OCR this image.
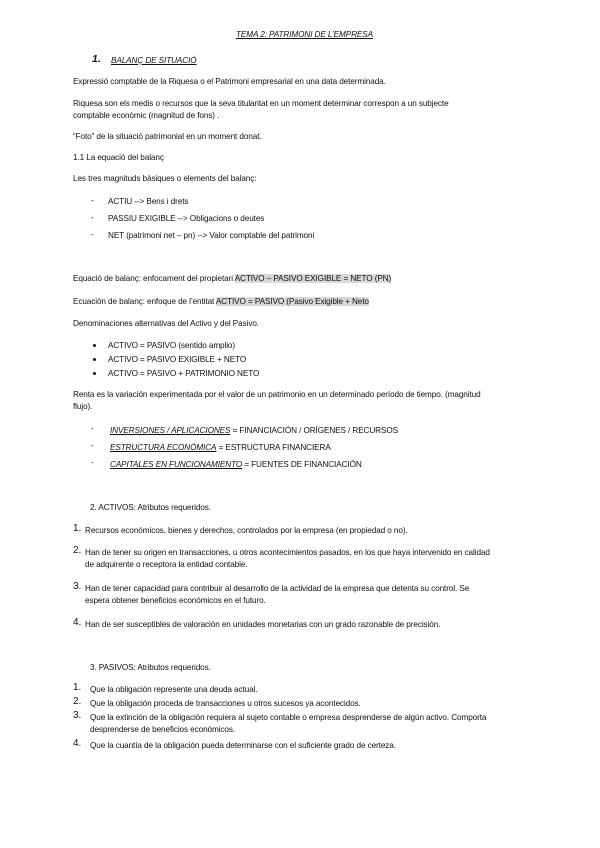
TEMA 2: PATRIMONI DE L’EMPRESA
1. BALANÇ DE SITUACIÓ
Expressió comptable de la Riquesa o el Patrimoni empresarial en una data determinada.
Riquesa son els medis o recursos que la seva titularitat en un moment determinar correspon a un subjecte
comptable econòmic (magnitud de fons) .
“Foto” de la situació patrimonial en un moment donat.
1.1 La equació del balanç
Les tres magnituds bàsiques o elements del balanç:
- ACTIU --> Bens i drets
- PASSIU EXIGIBLE --> Obligacions o deutes
- NET (patrimoni net – pn) --> Valor comptable del patrimoni
Equació de balanç: enfocament del propietari ACTIVO – PASIVO EXIGIBLE = NETO (PN)
Ecuación de balanç: enfoque de l’entitat ACTIVO = PASIVO (Pasivo Exigible + Neto
Denominaciones alternativas del Activo y del Pasivo.
ACTIVO = PASIVO (sentido amplio)
ACTIVO = PASIVO EXIGIBLE + NETO
ACTIVO = PASIVO + PATRIMONIO NETO
Renta es la variación experimentada por el valor de un patrimonio en un determinado período de tiempo. (magnitud
flujo).
- INVERSIONES / APLICACIONES = FINANCIACIÓN / ORÍGENES / RECURSOS
- ESTRUCTURA ECONÓMICA = ESTRUCTURA FINANCIERA
- CAPITALES EN FUNCIONAMIENTO = FUENTES DE FINANCIACIÓN
2. ACTIVOS: Atributos requeridos.
1. Recursos económicos, bienes y derechos, controlados por la empresa (en propiedad o no).
2. Han de tener su origen en transacciones, u otros acontecimientos pasados, en los que haya intervenido en calidad
de adquirente o receptora la entidad contable.
3. Han de tener capacidad para contribuir al desarrollo de la actividad de la empresa que detenta su control. Se
espera obtener beneficios económicos en el futuro.
4. Han de ser susceptibles de valoración en unidades monetarias con un grado razonable de precisión.
3. PASIVOS: Atributos requeridos.
1. Que la obligación represente una deuda actual.
2. Que la obligación proceda de transacciones u otros sucesos ya acontecidos.
3. Que la extinción de la obligación requiera al sujeto contable o empresa desprenderse de algún activo. Comporta
desprenderse de beneficios económicos.
4. Que la cuantía de la obligación pueda determinarse con el suficiente grado de certeza.
